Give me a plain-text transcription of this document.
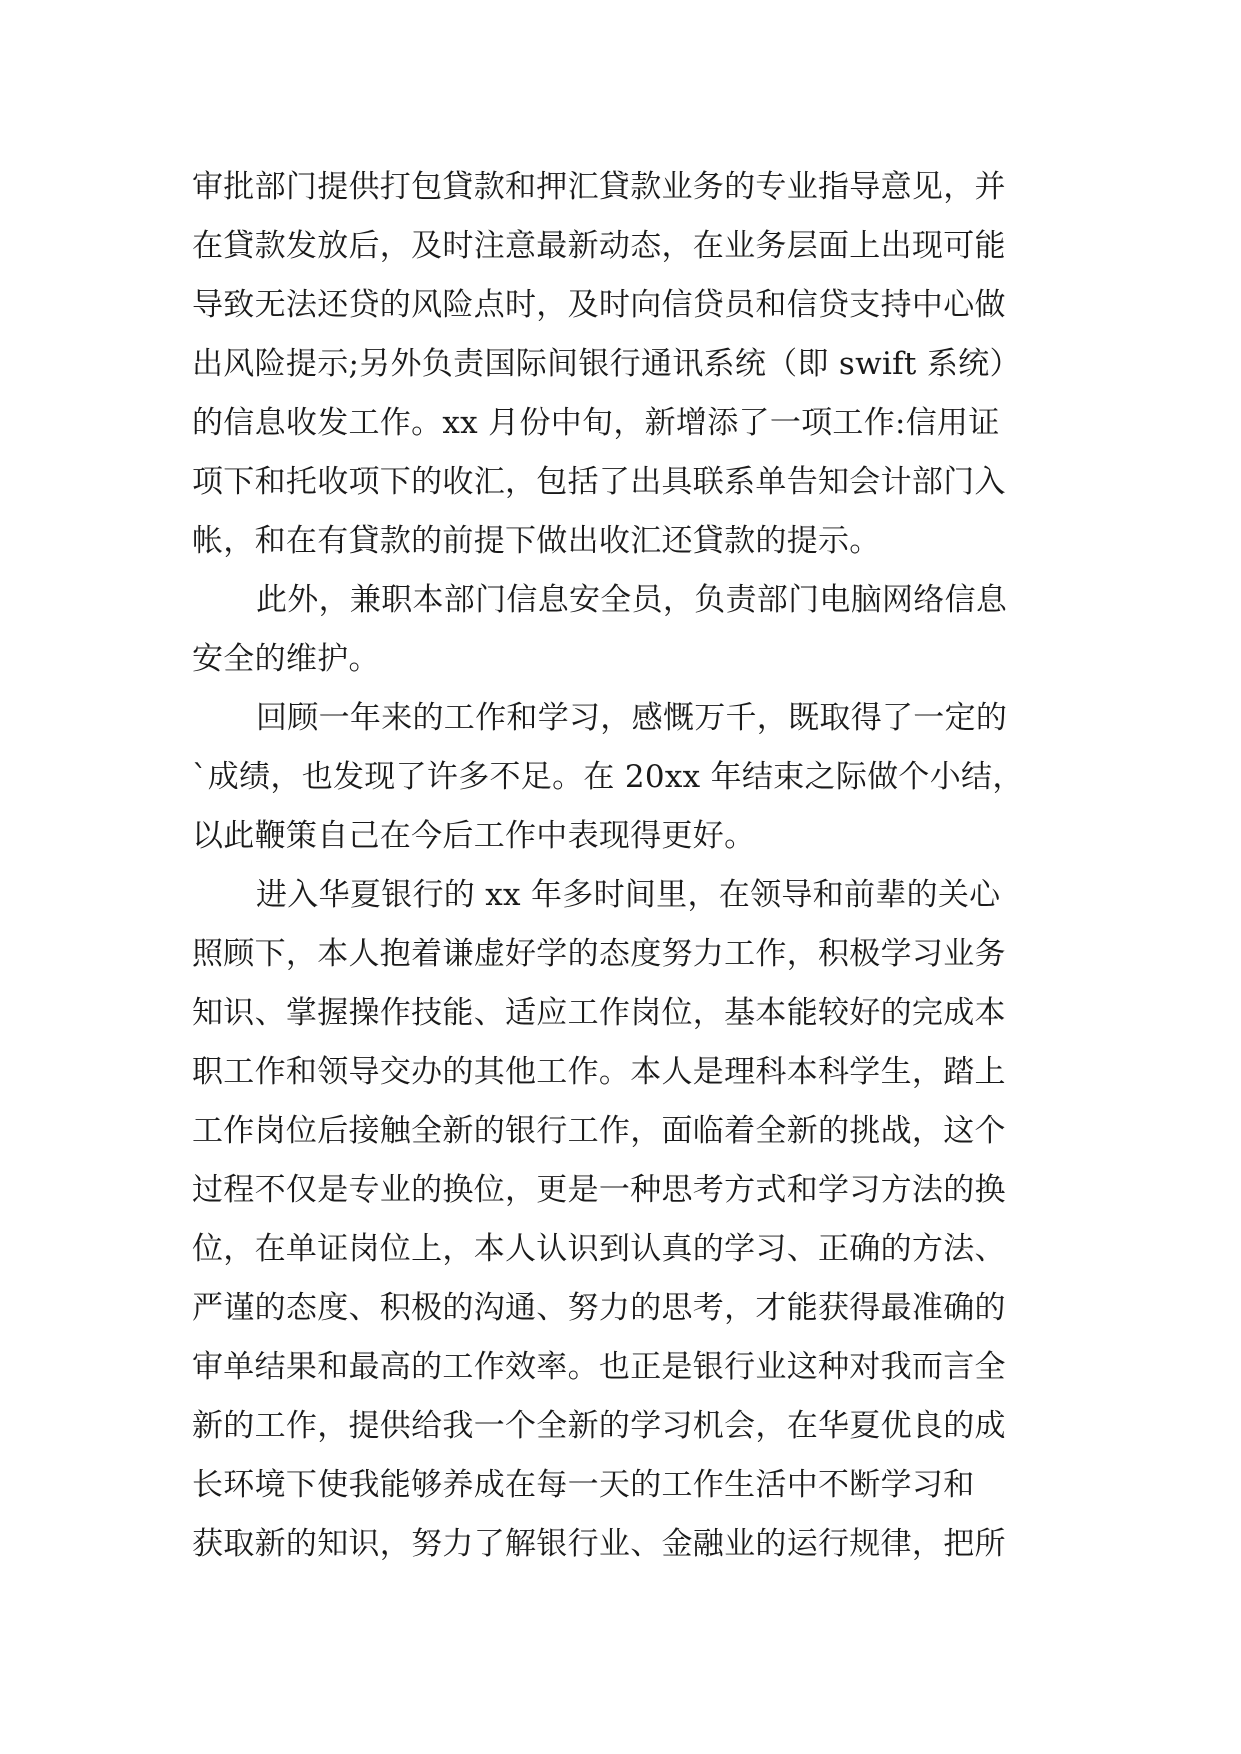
审批部门提供打包貸款和押汇貸款业务的专业指导意见，并
在貸款发放后，及时注意最新动态，在业务层面上出现可能
导致无法还贷的风险点时，及时向信贷员和信贷支持中心做
出风险提示;另外负责国际间银行通讯系统（即 swift 系统）
的信息收发工作。xx 月份中旬，新增添了一项工作:信用证
项下和托收项下的收汇，包括了出具联系单告知会计部门入
帐，和在有貸款的前提下做出收汇还貸款的提示。
此外，兼职本部门信息安全员，负责部门电脑网络信息
安全的维护。
回顾一年来的工作和学习，感慨万千，既取得了一定的
`成绩，也发现了许多不足。在 20xx 年结束之际做个小结，
以此鞭策自己在今后工作中表现得更好。
进入华夏银行的 xx 年多时间里，在领导和前辈的关心
照顾下，本人抱着谦虚好学的态度努力工作，积极学习业务
知识、掌握操作技能、适应工作岗位，基本能较好的完成本
职工作和领导交办的其他工作。本人是理科本科学生，踏上
工作岗位后接触全新的银行工作，面临着全新的挑战，这个
过程不仅是专业的换位，更是一种思考方式和学习方法的换
位，在单证岗位上，本人认识到认真的学习、正确的方法、
严谨的态度、积极的沟通、努力的思考，才能获得最准确的
审单结果和最高的工作效率。也正是银行业这种对我而言全
新的工作，提供给我一个全新的学习机会，在华夏优良的成
长环境下使我能够养成在每一天的工作生活中不断学习和
获取新的知识，努力了解银行业、金融业的运行规律，把所
